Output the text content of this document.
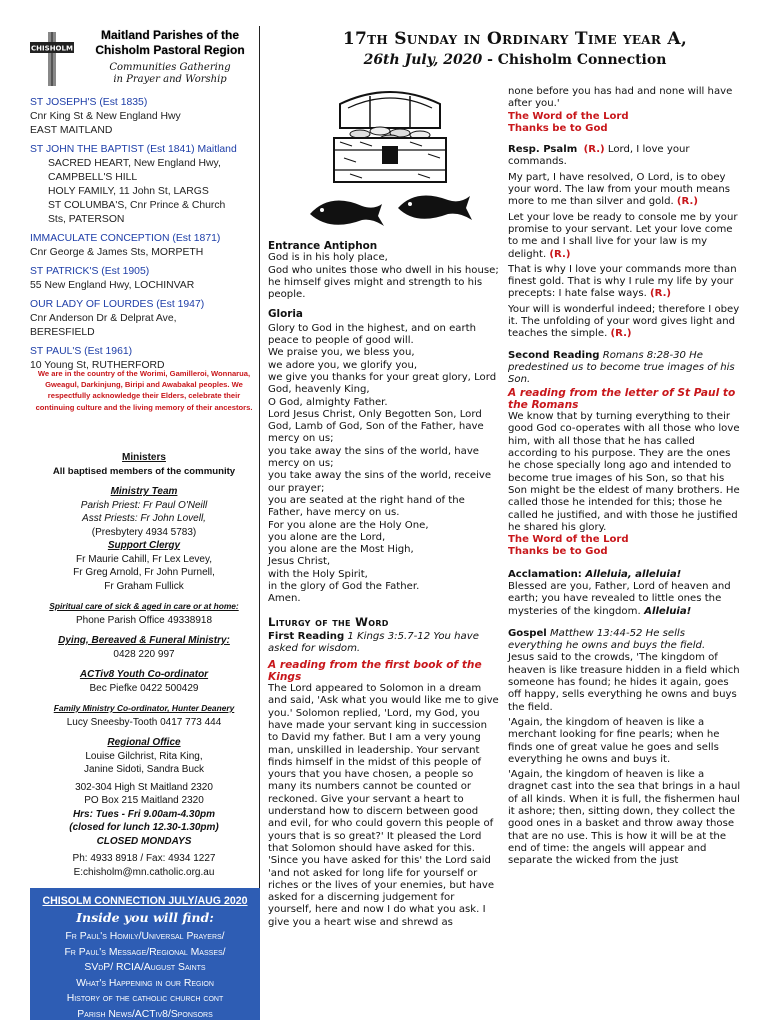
CHISHOLM
Maitland Parishes of the
Chisholm Pastoral Region
Communities Gathering
in Prayer and Worship
ST JOSEPH'S (Est 1835)
Cnr King St & New England Hwy
EAST MAITLAND
ST JOHN THE BAPTIST (Est 1841) Maitland
SACRED HEART, New England Hwy,
CAMPBELL'S HILL
HOLY FAMILY, 11 John St, LARGS
ST COLUMBA'S, Cnr Prince & Church
Sts, PATERSON
IMMACULATE CONCEPTION (Est 1871)
Cnr George & James Sts, MORPETH
ST PATRICK'S (Est 1905)
55 New England Hwy, LOCHINVAR
OUR LADY OF LOURDES (Est 1947)
Cnr Anderson Dr & Delprat Ave,
BERESFIELD
ST PAUL'S (Est 1961)
10 Young St, RUTHERFORD
We are in the country of the Worimi, Gamilleroi, Wonnarua, Gweagul, Darkinjung, Biripi and Awabakal peoples. We respectfully acknowledge their Elders, celebrate their continuing culture and the living memory of their ancestors.
Ministers
All baptised members of the community
Ministry Team
Parish Priest: Fr Paul O'Neill
Asst Priests: Fr John Lovell,
(Presbytery 4934 5783)
Support Clergy
Fr Maurie Cahill, Fr Lex Levey,
Fr Greg Arnold, Fr John Purnell,
Fr Graham Fullick
Spiritual care of sick & aged in care or at home:
Phone Parish Office 49338918
Dying, Bereaved & Funeral Ministry:
0428 220 997
ACTiv8 Youth Co-ordinator
Bec Piefke 0422 500429
Family Ministry Co-ordinator, Hunter Deanery
Lucy Sneesby-Tooth 0417 773 444
Regional Office
Louise Gilchrist, Rita King,
Janine Sidoti, Sandra Buck
302-304 High St Maitland 2320
PO Box 215 Maitland 2320
Hrs: Tues - Fri 9.00am-4.30pm
(closed for lunch 12.30-1.30pm)
CLOSED MONDAYS
Ph: 4933 8918 / Fax: 4934 1227
E:chisholm@mn.catholic.org.au
CHISOLM CONNECTION JULY/AUG 2020
Inside you will find:
Fr Paul's Homily/Universal Prayers/
Fr Paul's Message/Regional Masses/
SVdP/ RCIA/August Saints
What's Happening in our Region
History of the catholic church cont
Parish News/ACTiv8/Sponsors
17th Sunday in Ordinary Time year A,
26th July, 2020 - Chisholm Connection
Entrance Antiphon
God is in his holy place,
God who unites those who dwell in his house; he himself gives might and strength to his people.
Gloria
Glory to God in the highest, and on earth peace to people of good will.
We praise you, we bless you,
we adore you, we glorify you,
we give you thanks for your great glory, Lord God, heavenly King,
O God, almighty Father.
Lord Jesus Christ, Only Begotten Son, Lord God, Lamb of God, Son of the Father, have mercy on us;
you take away the sins of the world, have mercy on us;
you take away the sins of the world, receive our prayer;
you are seated at the right hand of the Father, have mercy on us.
For you alone are the Holy One,
you alone are the Lord,
you alone are the Most High,
Jesus Christ,
with the Holy Spirit,
in the glory of God the Father.
Amen.
Liturgy of the Word
First Reading 1 Kings 3:5.7-12 You have asked for wisdom.
A reading from the first book of the Kings
The Lord appeared to Solomon in a dream and said, 'Ask what you would like me to give you.' Solomon replied, 'Lord, my God, you have made your servant king in succession to David my father. But I am a very young man, unskilled in leadership. Your servant finds himself in the midst of this people of yours that you have chosen, a people so many its numbers cannot be counted or reckoned. Give your servant a heart to understand how to discern between good and evil, for who could govern this people of yours that is so great?' It pleased the Lord that Solomon should have asked for this. 'Since you have asked for this' the Lord said 'and not asked for long life for yourself or riches or the lives of your enemies, but have asked for a discerning judgement for yourself, here and now I do what you ask. I give you a heart wise and shrewd as
none before you has had and none will have after you.'
The Word of the Lord
Thanks be to God
Resp. Psalm (R.) Lord, I love your commands.
My part, I have resolved, O Lord, is to obey your word. The law from your mouth means more to me than silver and gold. (R.)
Let your love be ready to console me by your promise to your servant. Let your love come to me and I shall live for your law is my delight. (R.)
That is why I love your commands more than finest gold. That is why I rule my life by your precepts: I hate false ways. (R.)
Your will is wonderful indeed; therefore I obey it. The unfolding of your word gives light and teaches the simple. (R.)
Second Reading Romans 8:28-30 He predestined us to become true images of his Son.
A reading from the letter of St Paul to the Romans
We know that by turning everything to their good God co-operates with all those who love him, with all those that he has called according to his purpose. They are the ones he chose specially long ago and intended to become true images of his Son, so that his Son might be the eldest of many brothers. He called those he intended for this; those he called he justified, and with those he justified he shared his glory.
The Word of the Lord
Thanks be to God
Acclamation: Alleluia, alleluia!
Blessed are you, Father, Lord of heaven and earth; you have revealed to little ones the mysteries of the kingdom. Alleluia!
Gospel Matthew 13:44-52 He sells everything he owns and buys the field.
Jesus said to the crowds, 'The kingdom of heaven is like treasure hidden in a field which someone has found; he hides it again, goes off happy, sells everything he owns and buys the field.
'Again, the kingdom of heaven is like a merchant looking for fine pearls; when he finds one of great value he goes and sells everything he owns and buys it.
'Again, the kingdom of heaven is like a dragnet cast into the sea that brings in a haul of all kinds. When it is full, the fishermen haul it ashore; then, sitting down, they collect the good ones in a basket and throw away those that are no use. This is how it will be at the end of time: the angels will appear and separate the wicked from the just
